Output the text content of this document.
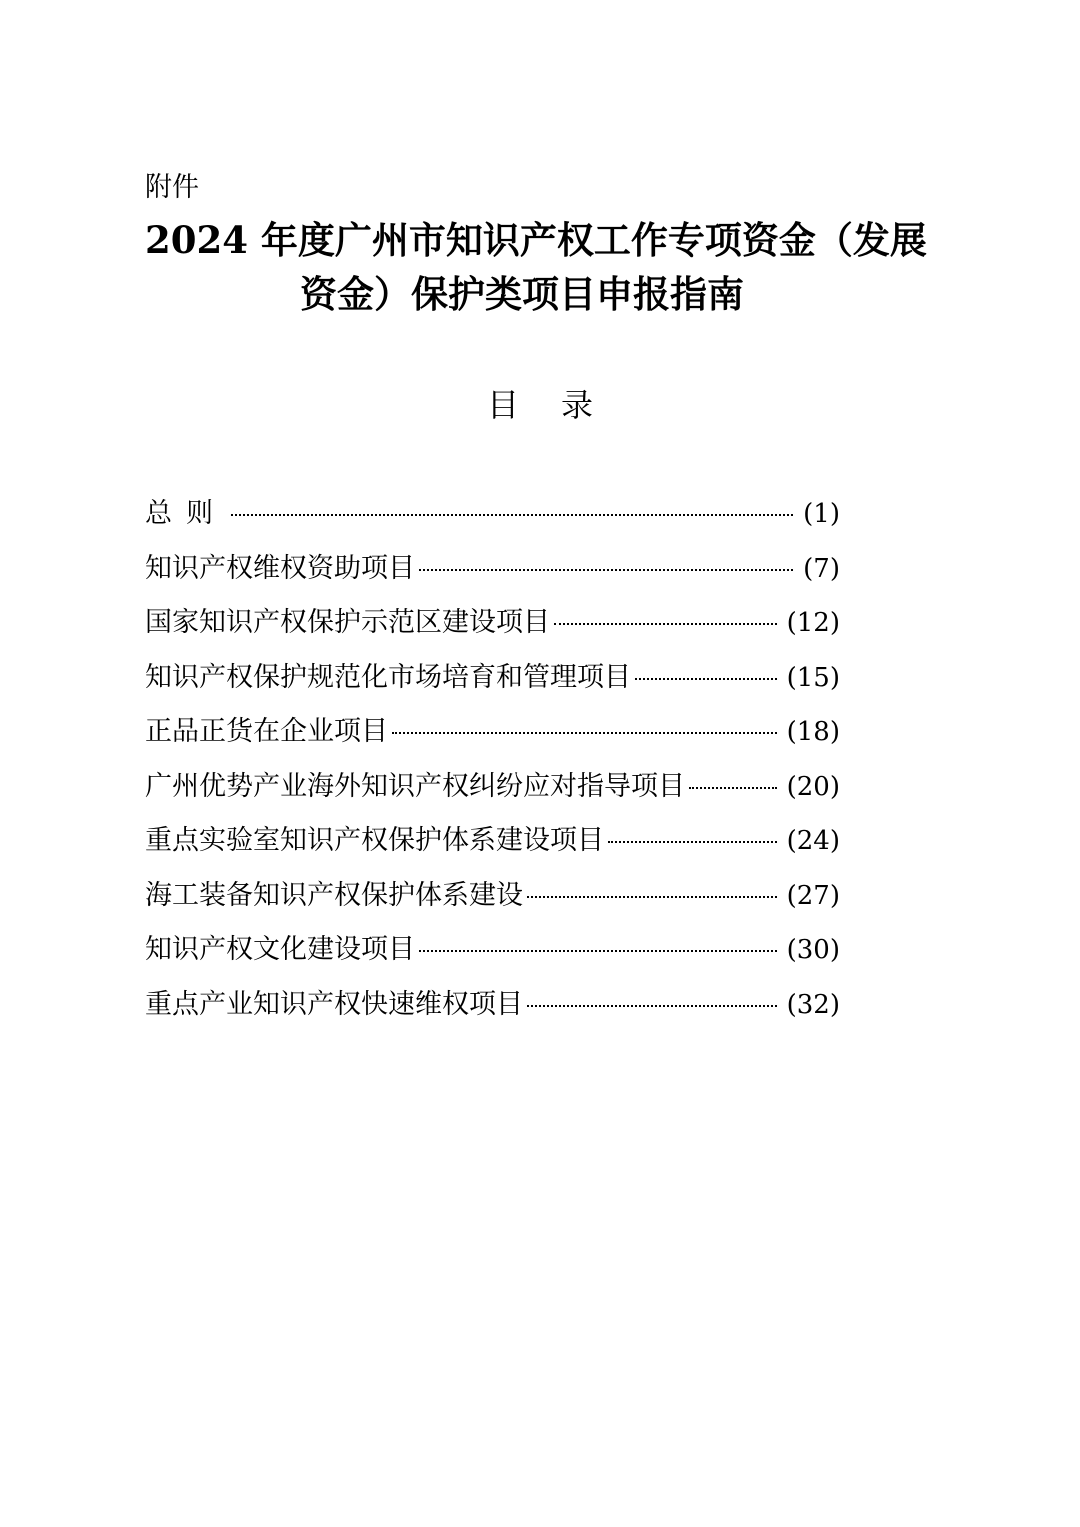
附件
2024 年度广州市知识产权工作专项资金（发展
资金）保护类项目申报指南
目录
总则	(1)
知识产权维权资助项目	(7)
国家知识产权保护示范区建设项目	(12)
知识产权保护规范化市场培育和管理项目	(15)
正品正货在企业项目	(18)
广州优势产业海外知识产权纠纷应对指导项目	(20)
重点实验室知识产权保护体系建设项目	(24)
海工装备知识产权保护体系建设	(27)
知识产权文化建设项目	(30)
重点产业知识产权快速维权项目	(32)
